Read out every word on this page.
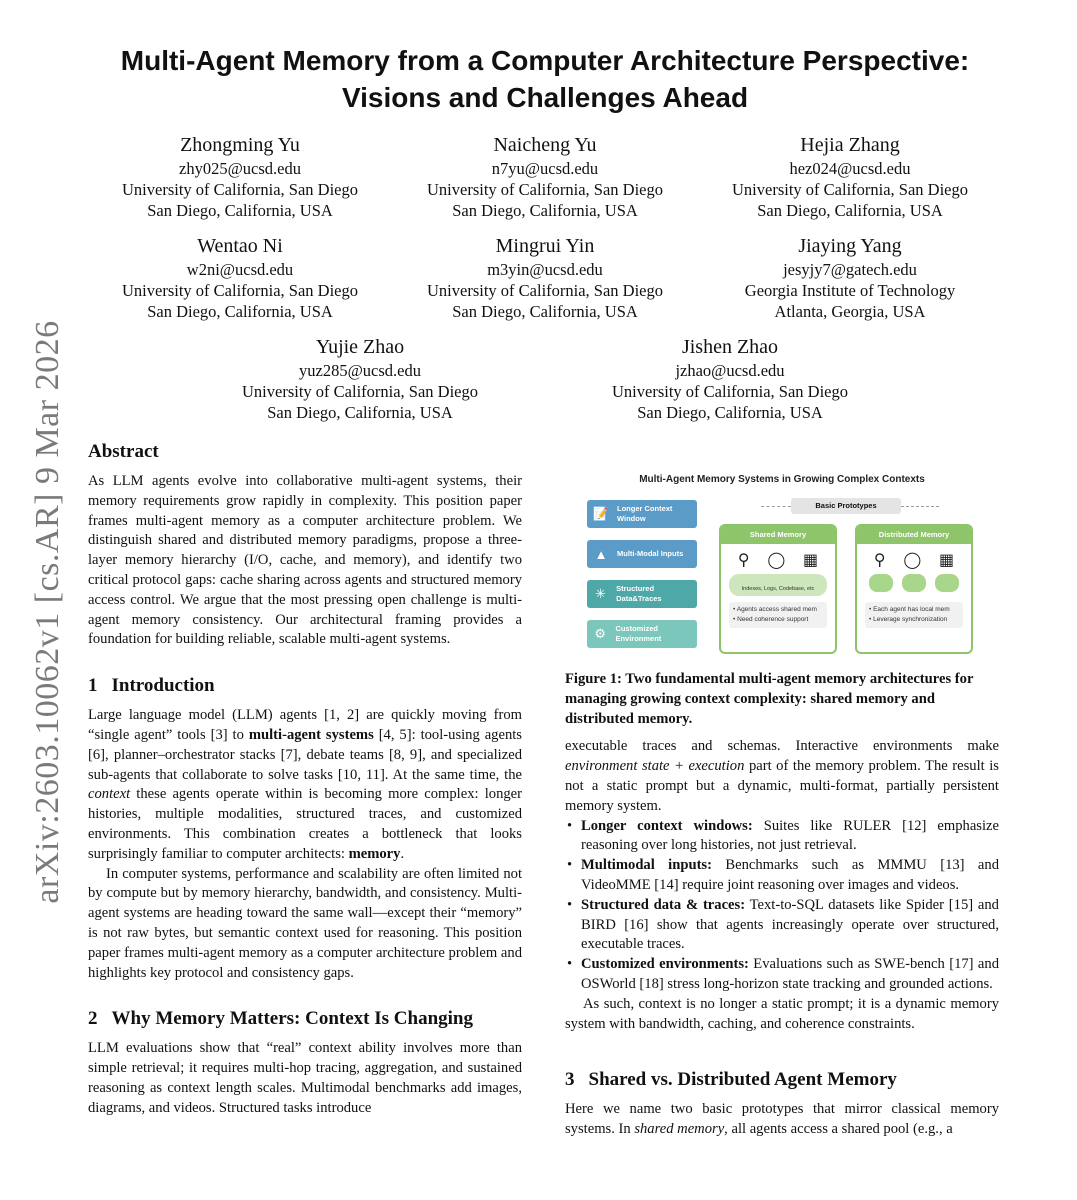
arXiv:2603.10062v1 [cs.AR] 9 Mar 2026
Multi-Agent Memory from a Computer Architecture Perspective: Visions and Challenges Ahead
Zhongming Yu
zhy025@ucsd.edu
University of California, San Diego
San Diego, California, USA
Naicheng Yu
n7yu@ucsd.edu
University of California, San Diego
San Diego, California, USA
Hejia Zhang
hez024@ucsd.edu
University of California, San Diego
San Diego, California, USA
Wentao Ni
w2ni@ucsd.edu
University of California, San Diego
San Diego, California, USA
Mingrui Yin
m3yin@ucsd.edu
University of California, San Diego
San Diego, California, USA
Jiaying Yang
jesyjy7@gatech.edu
Georgia Institute of Technology
Atlanta, Georgia, USA
Yujie Zhao
yuz285@ucsd.edu
University of California, San Diego
San Diego, California, USA
Jishen Zhao
jzhao@ucsd.edu
University of California, San Diego
San Diego, California, USA
Abstract

As LLM agents evolve into collaborative multi-agent systems, their memory requirements grow rapidly in complexity. This position paper frames multi-agent memory as a computer architecture problem. We distinguish shared and distributed memory paradigms, propose a three-layer memory hierarchy (I/O, cache, and memory), and identify two critical protocol gaps: cache sharing across agents and structured memory access control. We argue that the most pressing open challenge is multi-agent memory consistency. Our architectural framing provides a foundation for building reliable, scalable multi-agent systems.

1 Introduction

Large language model (LLM) agents [1, 2] are quickly moving from “single agent” tools [3] to multi-agent systems [4, 5]: tool-using agents [6], planner–orchestrator stacks [7], debate teams [8, 9], and specialized sub-agents that collaborate to solve tasks [10, 11]. At the same time, the context these agents operate within is becoming more complex: longer histories, multiple modalities, structured traces, and customized environments. This combination creates a bottleneck that looks surprisingly familiar to computer architects: memory.

In computer systems, performance and scalability are often limited not by compute but by memory hierarchy, bandwidth, and consistency. Multi-agent systems are heading toward the same wall—except their “memory” is not raw bytes, but semantic context used for reasoning. This position paper frames multi-agent memory as a computer architecture problem and highlights key protocol and consistency gaps.

2 Why Memory Matters: Context Is Changing

LLM evaluations show that “real” context ability involves more than simple retrieval; it requires multi-hop tracing, aggregation, and sustained reasoning as context length scales. Multimodal benchmarks add images, diagrams, and videos. Structured tasks introduce

Multi-Agent Memory Systems in Growing Complex Contexts
📝 Longer Context Window
▲ Multi-Modal Inputs
✳ Structured Data&Traces
⚙ Customized Environment
Basic Prototypes
Shared Memory
⚲ ◯ ▦
Indexes, Logs, Codebase, etc
• Agents access shared mem
• Need coherence support
Distributed Memory
⚲ ◯ ▦
• Each agent has local mem
• Leverage synchronization
Figure 1: Two fundamental multi-agent memory architectures for managing growing context complexity: shared memory and distributed memory.

executable traces and schemas. Interactive environments make environment state + execution part of the memory problem. The result is not a static prompt but a dynamic, multi-format, partially persistent memory system.

• Longer context windows: Suites like RULER [12] emphasize reasoning over long histories, not just retrieval.
• Multimodal inputs: Benchmarks such as MMMU [13] and VideoMME [14] require joint reasoning over images and videos.
• Structured data & traces: Text-to-SQL datasets like Spider [15] and BIRD [16] show that agents increasingly operate over structured, executable traces.
• Customized environments: Evaluations such as SWE-bench [17] and OSWorld [18] stress long-horizon state tracking and grounded actions.

As such, context is no longer a static prompt; it is a dynamic memory system with bandwidth, caching, and coherence constraints.

3 Shared vs. Distributed Agent Memory

Here we name two basic prototypes that mirror classical memory systems. In shared memory, all agents access a shared pool (e.g., a
